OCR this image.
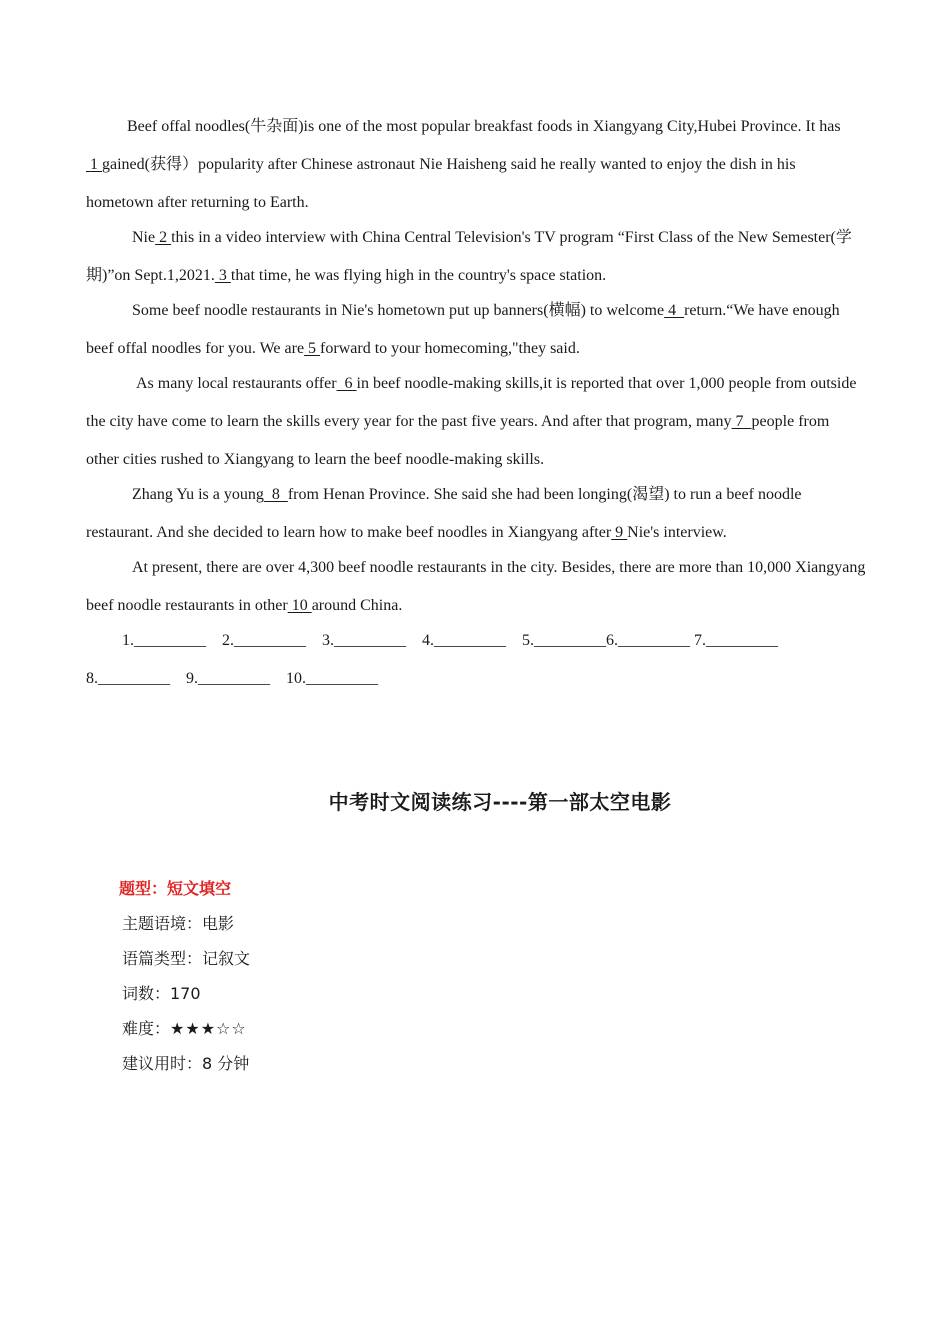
Beef offal noodles(牛杂面)is one of the most popular breakfast foods in Xiangyang City,Hubei Province. It has 1 gained(获得）popularity after Chinese astronaut Nie Haisheng said he really wanted to enjoy the dish in his hometown after returning to Earth.

Nie 2 this in a video interview with China Central Television's TV program “First Class of the New Semester(学期)”on Sept.1,2021. 3 that time, he was flying high in the country's space station.

Some beef noodle restaurants in Nie's hometown put up banners(横幅) to welcome 4  return.“We have enough beef offal noodles for you. We are 5 forward to your homecoming,"they said.

As many local restaurants offer  6 in beef noodle-making skills,it is reported that over 1,000 people from outside the city have come to learn the skills every year for the past five years. And after that program, many 7  people from other cities rushed to Xiangyang to learn the beef noodle-making skills.

Zhang Yu is a young  8  from Henan Province. She said she had been longing(渴望) to run a beef noodle restaurant. And she decided to learn how to make beef noodles in Xiangyang after 9 Nie's interview.

At present, there are over 4,300 beef noodle restaurants in the city. Besides, there are more than 10,000 Xiangyang beef noodle restaurants in other 10 around China.

1._________    2._________    3._________    4._________    5._________6._________ 7._________

8._________    9._________    10._________

中考时文阅读练习----第一部太空电影
题型：短文填空
主题语境：电影
语篇类型：记叙文
词数：170
难度：★★★☆☆
建议用时：8 分钟
